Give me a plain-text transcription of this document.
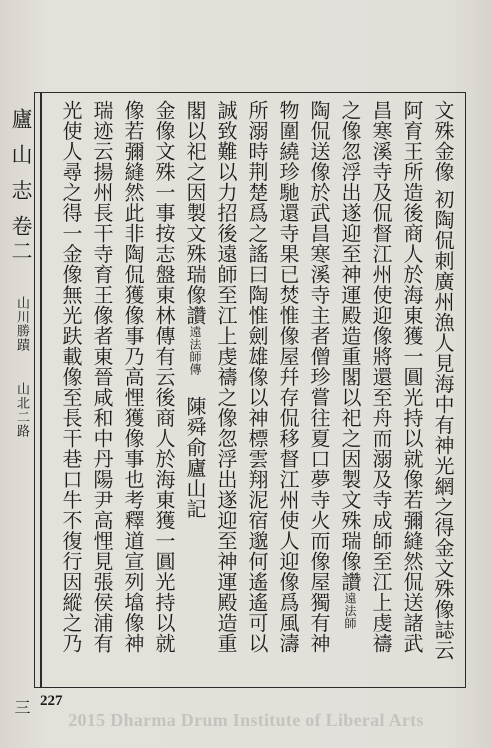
廬 山 志 卷二 山川勝蹟 山北二路 三
文殊金像 初陶侃刺廣州漁人見海中有神光網之得金文殊像誌云
阿育王所造後商人於海東獲一圓光持以就像若彌縫然侃送諸武
昌寒溪寺及侃督江州使迎像將還至舟而溺及寺成師至江上虔禱
之像忽浮出遂迎至神運殿造重閣以祀之因製文殊瑞像讚遠法師
陶侃送像於武昌寒溪寺主者僧珍嘗往夏口夢寺火而像屋獨有神
物圍繞珍馳還寺果已焚惟像屋幷存侃移督江州使人迎像爲風濤
所溺時荆楚爲之謠曰陶惟劍雄像以神標雲翔泥宿邈何遙遙可以
誠致難以力招後遠師至江上虔禱之像忽浮出遂迎至神運殿造重
閣以祀之因製文殊瑞像讚遠法師傳　陳舜俞廬山記
金像文殊一事按志盤東林傳有云後商人於海東獲一圓光持以就
像若彌縫然此非陶侃獲像事乃高悝獲像事也考釋道宣列墖像神
瑞迹云揚州長干寺育王像者東晉咸和中丹陽尹高悝見張侯浦有
光使人尋之得一金像無光趺載像至長干巷口牛不復行因縱之乃
227
2015 Dharma Drum Institute of Liberal Arts
